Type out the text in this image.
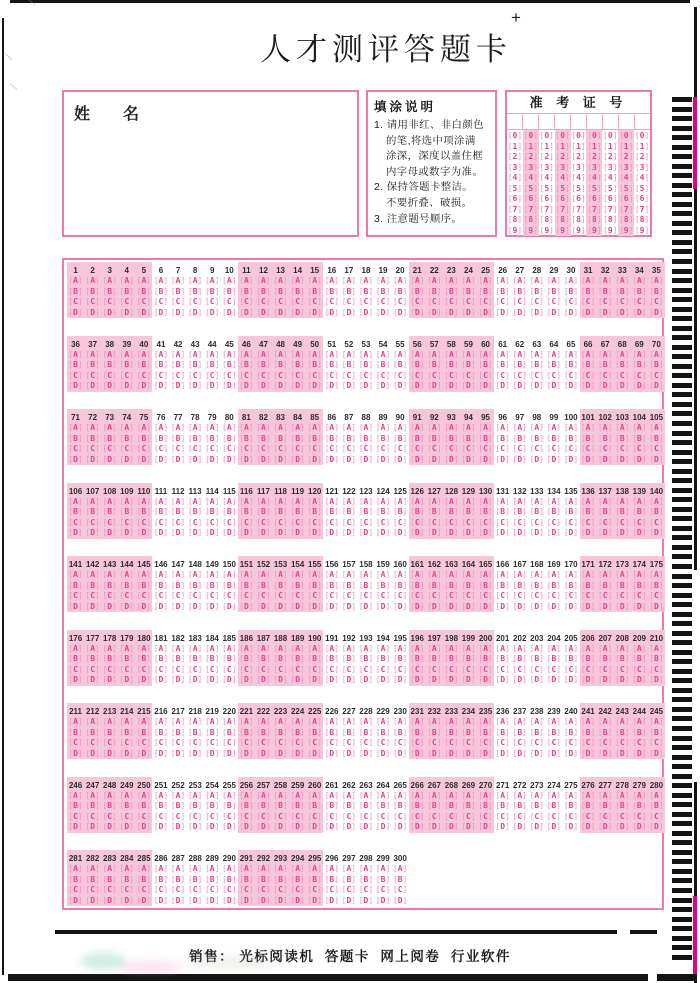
+
人才测评答题卡
姓 名	填涂说明
1. 请用非红、非白颜色
的笔,将选中项涂满
涂深，深度以盖住框
内字母或数字为准。
2. 保持答题卡整洁。
不要折叠、破损。
3. 注意题号顺序。
准 考 证 号
[0]
[1]
[2]
[3]
[4]
[5]
[6]
[7]
[8]
[9]
[0]
[1]
[2]
[3]
[4]
[5]
[6]
[7]
[8]
[9]
[0]
[1]
[2]
[3]
[4]
[5]
[6]
[7]
[8]
[9]
[0]
[1]
[2]
[3]
[4]
[5]
[6]
[7]
[8]
[9]
[0]
[1]
[2]
[3]
[4]
[5]
[6]
[7]
[8]
[9]
[0]
[1]
[2]
[3]
[4]
[5]
[6]
[7]
[8]
[9]
[0]
[1]
[2]
[3]
[4]
[5]
[6]
[7]
[8]
[9]
[0]
[1]
[2]
[3]
[4]
[5]
[6]
[7]
[8]
[9]
[0]
[1]
[2]
[3]
[4]
[5]
[6]
[7]
[8]
[9]
1
[A]
[B]
[C]
[D]
2
[A]
[B]
[C]
[D]
3
[A]
[B]
[C]
[D]
4
[A]
[B]
[C]
[D]
5
[A]
[B]
[C]
[D]
6
[A]
[B]
[C]
[D]
7
[A]
[B]
[C]
[D]
8
[A]
[B]
[C]
[D]
9
[A]
[B]
[C]
[D]
10
[A]
[B]
[C]
[D]
11
[A]
[B]
[C]
[D]
12
[A]
[B]
[C]
[D]
13
[A]
[B]
[C]
[D]
14
[A]
[B]
[C]
[D]
15
[A]
[B]
[C]
[D]
16
[A]
[B]
[C]
[D]
17
[A]
[B]
[C]
[D]
18
[A]
[B]
[C]
[D]
19
[A]
[B]
[C]
[D]
20
[A]
[B]
[C]
[D]
21
[A]
[B]
[C]
[D]
22
[A]
[B]
[C]
[D]
23
[A]
[B]
[C]
[D]
24
[A]
[B]
[C]
[D]
25
[A]
[B]
[C]
[D]
26
[A]
[B]
[C]
[D]
27
[A]
[B]
[C]
[D]
28
[A]
[B]
[C]
[D]
29
[A]
[B]
[C]
[D]
30
[A]
[B]
[C]
[D]
31
[A]
[B]
[C]
[D]
32
[A]
[B]
[C]
[D]
33
[A]
[B]
[C]
[D]
34
[A]
[B]
[C]
[D]
35
[A]
[B]
[C]
[D]
36
[A]
[B]
[C]
[D]
37
[A]
[B]
[C]
[D]
38
[A]
[B]
[C]
[D]
39
[A]
[B]
[C]
[D]
40
[A]
[B]
[C]
[D]
41
[A]
[B]
[C]
[D]
42
[A]
[B]
[C]
[D]
43
[A]
[B]
[C]
[D]
44
[A]
[B]
[C]
[D]
45
[A]
[B]
[C]
[D]
46
[A]
[B]
[C]
[D]
47
[A]
[B]
[C]
[D]
48
[A]
[B]
[C]
[D]
49
[A]
[B]
[C]
[D]
50
[A]
[B]
[C]
[D]
51
[A]
[B]
[C]
[D]
52
[A]
[B]
[C]
[D]
53
[A]
[B]
[C]
[D]
54
[A]
[B]
[C]
[D]
55
[A]
[B]
[C]
[D]
56
[A]
[B]
[C]
[D]
57
[A]
[B]
[C]
[D]
58
[A]
[B]
[C]
[D]
59
[A]
[B]
[C]
[D]
60
[A]
[B]
[C]
[D]
61
[A]
[B]
[C]
[D]
62
[A]
[B]
[C]
[D]
63
[A]
[B]
[C]
[D]
64
[A]
[B]
[C]
[D]
65
[A]
[B]
[C]
[D]
66
[A]
[B]
[C]
[D]
67
[A]
[B]
[C]
[D]
68
[A]
[B]
[C]
[D]
69
[A]
[B]
[C]
[D]
70
[A]
[B]
[C]
[D]
71
[A]
[B]
[C]
[D]
72
[A]
[B]
[C]
[D]
73
[A]
[B]
[C]
[D]
74
[A]
[B]
[C]
[D]
75
[A]
[B]
[C]
[D]
76
[A]
[B]
[C]
[D]
77
[A]
[B]
[C]
[D]
78
[A]
[B]
[C]
[D]
79
[A]
[B]
[C]
[D]
80
[A]
[B]
[C]
[D]
81
[A]
[B]
[C]
[D]
82
[A]
[B]
[C]
[D]
83
[A]
[B]
[C]
[D]
84
[A]
[B]
[C]
[D]
85
[A]
[B]
[C]
[D]
86
[A]
[B]
[C]
[D]
87
[A]
[B]
[C]
[D]
88
[A]
[B]
[C]
[D]
89
[A]
[B]
[C]
[D]
90
[A]
[B]
[C]
[D]
91
[A]
[B]
[C]
[D]
92
[A]
[B]
[C]
[D]
93
[A]
[B]
[C]
[D]
94
[A]
[B]
[C]
[D]
95
[A]
[B]
[C]
[D]
96
[A]
[B]
[C]
[D]
97
[A]
[B]
[C]
[D]
98
[A]
[B]
[C]
[D]
99
[A]
[B]
[C]
[D]
100
[A]
[B]
[C]
[D]
101
[A]
[B]
[C]
[D]
102
[A]
[B]
[C]
[D]
103
[A]
[B]
[C]
[D]
104
[A]
[B]
[C]
[D]
105
[A]
[B]
[C]
[D]
106
[A]
[B]
[C]
[D]
107
[A]
[B]
[C]
[D]
108
[A]
[B]
[C]
[D]
109
[A]
[B]
[C]
[D]
110
[A]
[B]
[C]
[D]
111
[A]
[B]
[C]
[D]
112
[A]
[B]
[C]
[D]
113
[A]
[B]
[C]
[D]
114
[A]
[B]
[C]
[D]
115
[A]
[B]
[C]
[D]
116
[A]
[B]
[C]
[D]
117
[A]
[B]
[C]
[D]
118
[A]
[B]
[C]
[D]
119
[A]
[B]
[C]
[D]
120
[A]
[B]
[C]
[D]
121
[A]
[B]
[C]
[D]
122
[A]
[B]
[C]
[D]
123
[A]
[B]
[C]
[D]
124
[A]
[B]
[C]
[D]
125
[A]
[B]
[C]
[D]
126
[A]
[B]
[C]
[D]
127
[A]
[B]
[C]
[D]
128
[A]
[B]
[C]
[D]
129
[A]
[B]
[C]
[D]
130
[A]
[B]
[C]
[D]
131
[A]
[B]
[C]
[D]
132
[A]
[B]
[C]
[D]
133
[A]
[B]
[C]
[D]
134
[A]
[B]
[C]
[D]
135
[A]
[B]
[C]
[D]
136
[A]
[B]
[C]
[D]
137
[A]
[B]
[C]
[D]
138
[A]
[B]
[C]
[D]
139
[A]
[B]
[C]
[D]
140
[A]
[B]
[C]
[D]
141
[A]
[B]
[C]
[D]
142
[A]
[B]
[C]
[D]
143
[A]
[B]
[C]
[D]
144
[A]
[B]
[C]
[D]
145
[A]
[B]
[C]
[D]
146
[A]
[B]
[C]
[D]
147
[A]
[B]
[C]
[D]
148
[A]
[B]
[C]
[D]
149
[A]
[B]
[C]
[D]
150
[A]
[B]
[C]
[D]
151
[A]
[B]
[C]
[D]
152
[A]
[B]
[C]
[D]
153
[A]
[B]
[C]
[D]
154
[A]
[B]
[C]
[D]
155
[A]
[B]
[C]
[D]
156
[A]
[B]
[C]
[D]
157
[A]
[B]
[C]
[D]
158
[A]
[B]
[C]
[D]
159
[A]
[B]
[C]
[D]
160
[A]
[B]
[C]
[D]
161
[A]
[B]
[C]
[D]
162
[A]
[B]
[C]
[D]
163
[A]
[B]
[C]
[D]
164
[A]
[B]
[C]
[D]
165
[A]
[B]
[C]
[D]
166
[A]
[B]
[C]
[D]
167
[A]
[B]
[C]
[D]
168
[A]
[B]
[C]
[D]
169
[A]
[B]
[C]
[D]
170
[A]
[B]
[C]
[D]
171
[A]
[B]
[C]
[D]
172
[A]
[B]
[C]
[D]
173
[A]
[B]
[C]
[D]
174
[A]
[B]
[C]
[D]
175
[A]
[B]
[C]
[D]
176
[A]
[B]
[C]
[D]
177
[A]
[B]
[C]
[D]
178
[A]
[B]
[C]
[D]
179
[A]
[B]
[C]
[D]
180
[A]
[B]
[C]
[D]
181
[A]
[B]
[C]
[D]
182
[A]
[B]
[C]
[D]
183
[A]
[B]
[C]
[D]
184
[A]
[B]
[C]
[D]
185
[A]
[B]
[C]
[D]
186
[A]
[B]
[C]
[D]
187
[A]
[B]
[C]
[D]
188
[A]
[B]
[C]
[D]
189
[A]
[B]
[C]
[D]
190
[A]
[B]
[C]
[D]
191
[A]
[B]
[C]
[D]
192
[A]
[B]
[C]
[D]
193
[A]
[B]
[C]
[D]
194
[A]
[B]
[C]
[D]
195
[A]
[B]
[C]
[D]
196
[A]
[B]
[C]
[D]
197
[A]
[B]
[C]
[D]
198
[A]
[B]
[C]
[D]
199
[A]
[B]
[C]
[D]
200
[A]
[B]
[C]
[D]
201
[A]
[B]
[C]
[D]
202
[A]
[B]
[C]
[D]
203
[A]
[B]
[C]
[D]
204
[A]
[B]
[C]
[D]
205
[A]
[B]
[C]
[D]
206
[A]
[B]
[C]
[D]
207
[A]
[B]
[C]
[D]
208
[A]
[B]
[C]
[D]
209
[A]
[B]
[C]
[D]
210
[A]
[B]
[C]
[D]
211
[A]
[B]
[C]
[D]
212
[A]
[B]
[C]
[D]
213
[A]
[B]
[C]
[D]
214
[A]
[B]
[C]
[D]
215
[A]
[B]
[C]
[D]
216
[A]
[B]
[C]
[D]
217
[A]
[B]
[C]
[D]
218
[A]
[B]
[C]
[D]
219
[A]
[B]
[C]
[D]
220
[A]
[B]
[C]
[D]
221
[A]
[B]
[C]
[D]
222
[A]
[B]
[C]
[D]
223
[A]
[B]
[C]
[D]
224
[A]
[B]
[C]
[D]
225
[A]
[B]
[C]
[D]
226
[A]
[B]
[C]
[D]
227
[A]
[B]
[C]
[D]
228
[A]
[B]
[C]
[D]
229
[A]
[B]
[C]
[D]
230
[A]
[B]
[C]
[D]
231
[A]
[B]
[C]
[D]
232
[A]
[B]
[C]
[D]
233
[A]
[B]
[C]
[D]
234
[A]
[B]
[C]
[D]
235
[A]
[B]
[C]
[D]
236
[A]
[B]
[C]
[D]
237
[A]
[B]
[C]
[D]
238
[A]
[B]
[C]
[D]
239
[A]
[B]
[C]
[D]
240
[A]
[B]
[C]
[D]
241
[A]
[B]
[C]
[D]
242
[A]
[B]
[C]
[D]
243
[A]
[B]
[C]
[D]
244
[A]
[B]
[C]
[D]
245
[A]
[B]
[C]
[D]
246
[A]
[B]
[C]
[D]
247
[A]
[B]
[C]
[D]
248
[A]
[B]
[C]
[D]
249
[A]
[B]
[C]
[D]
250
[A]
[B]
[C]
[D]
251
[A]
[B]
[C]
[D]
252
[A]
[B]
[C]
[D]
253
[A]
[B]
[C]
[D]
254
[A]
[B]
[C]
[D]
255
[A]
[B]
[C]
[D]
256
[A]
[B]
[C]
[D]
257
[A]
[B]
[C]
[D]
258
[A]
[B]
[C]
[D]
259
[A]
[B]
[C]
[D]
260
[A]
[B]
[C]
[D]
261
[A]
[B]
[C]
[D]
262
[A]
[B]
[C]
[D]
263
[A]
[B]
[C]
[D]
264
[A]
[B]
[C]
[D]
265
[A]
[B]
[C]
[D]
266
[A]
[B]
[C]
[D]
267
[A]
[B]
[C]
[D]
268
[A]
[B]
[C]
[D]
269
[A]
[B]
[C]
[D]
270
[A]
[B]
[C]
[D]
271
[A]
[B]
[C]
[D]
272
[A]
[B]
[C]
[D]
273
[A]
[B]
[C]
[D]
274
[A]
[B]
[C]
[D]
275
[A]
[B]
[C]
[D]
276
[A]
[B]
[C]
[D]
277
[A]
[B]
[C]
[D]
278
[A]
[B]
[C]
[D]
279
[A]
[B]
[C]
[D]
280
[A]
[B]
[C]
[D]
281
[A]
[B]
[C]
[D]
282
[A]
[B]
[C]
[D]
283
[A]
[B]
[C]
[D]
284
[A]
[B]
[C]
[D]
285
[A]
[B]
[C]
[D]
286
[A]
[B]
[C]
[D]
287
[A]
[B]
[C]
[D]
288
[A]
[B]
[C]
[D]
289
[A]
[B]
[C]
[D]
290
[A]
[B]
[C]
[D]
291
[A]
[B]
[C]
[D]
292
[A]
[B]
[C]
[D]
293
[A]
[B]
[C]
[D]
294
[A]
[B]
[C]
[D]
295
[A]
[B]
[C]
[D]
296
[A]
[B]
[C]
[D]
297
[A]
[B]
[C]
[D]
298
[A]
[B]
[C]
[D]
299
[A]
[B]
[C]
[D]
300
[A]
[B]
[C]
[D]
销售： 光标阅读机  答题卡  网上阅卷  行业软件
